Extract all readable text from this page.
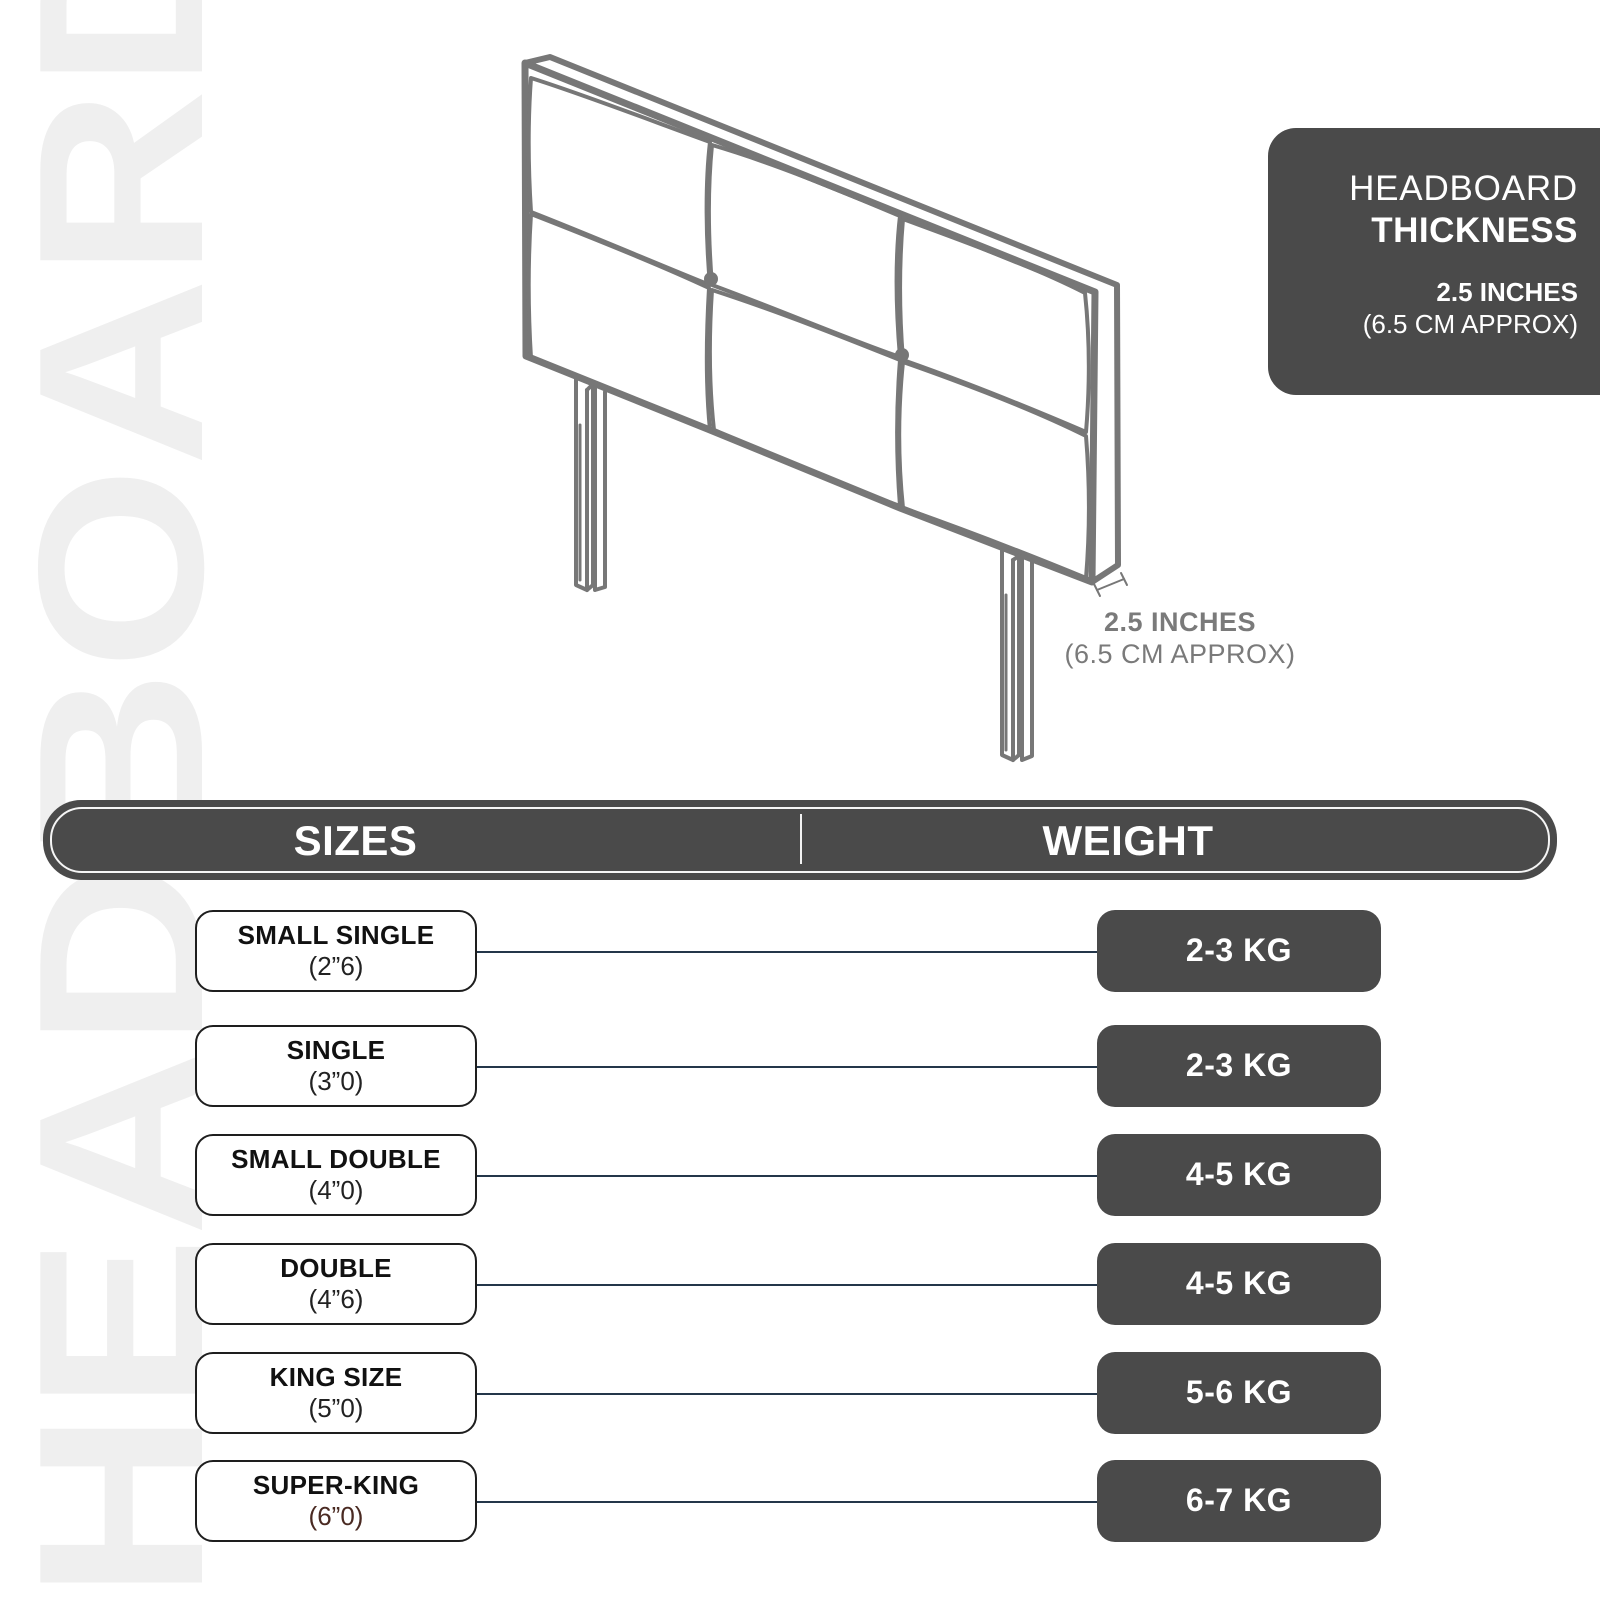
2.5 INCHES
(6.5 CM APPROX)
HEADBOARD
THICKNESS
2.5 INCHES
(6.5 CM APPROX)
SIZES	WEIGHT
SMALL SINGLE
(2”6)	2-3 KG
SINGLE
(3”0)	2-3 KG
SMALL DOUBLE
(4”0)	4-5 KG
DOUBLE
(4”6)	4-5 KG
KING SIZE
(5”0)	5-6 KG
SUPER-KING
(6”0)	6-7 KG
